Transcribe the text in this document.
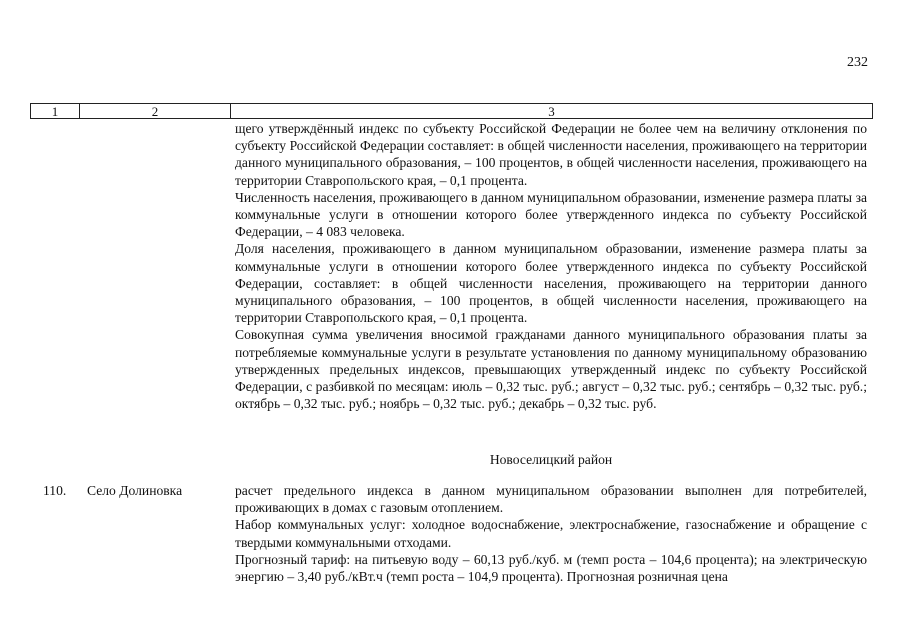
232
1	2	3

щего утверждённый индекс по субъекту Российской Федерации не более чем на величину отклонения по субъекту Российской Федерации составляет: в общей численности населения, проживающего на территории данного муниципального образования, – 100 процентов, в общей численности населения, проживающего на территории Ставропольского края, – 0,1 процента.

Численность населения, проживающего в данном муниципальном образовании, изменение размера платы за коммунальные услуги в отношении которого более утвержденного индекса по субъекту Российской Федерации, – 4 083 человека.

Доля населения, проживающего в данном муниципальном образовании, изменение размера платы за коммунальные услуги в отношении которого более утвержденного индекса по субъекту Российской Федерации, составляет: в общей численности населения, проживающего на территории данного муниципального образования, – 100 процентов, в общей численности населения, проживающего на территории Ставропольского края, – 0,1 процента.

Совокупная сумма увеличения вносимой гражданами данного муниципального образования платы за потребляемые коммунальные услуги в результате установления по данному муниципальному образованию утвержденных предельных индексов, превышающих утвержденный индекс по субъекту Российской Федерации, с разбивкой по месяцам: июль – 0,32 тыс. руб.; август – 0,32 тыс. руб.; сентябрь – 0,32 тыс. руб.; октябрь – 0,32 тыс. руб.; ноябрь – 0,32 тыс. руб.; декабрь – 0,32 тыс. руб.

Новоселицкий район
110. Село Долиновка	расчет предельного индекса в данном муниципальном образовании выполнен для потребителей, проживающих в домах с газовым отоплением.

Набор коммунальных услуг: холодное водоснабжение, электроснабжение, газоснабжение и обращение с твердыми коммунальными отходами.

Прогнозный тариф: на питьевую воду – 60,13 руб./куб. м (темп роста – 104,6 процента); на электрическую энергию – 3,40 руб./кВт.ч (темп роста – 104,9 процента). Прогнозная розничная цена
